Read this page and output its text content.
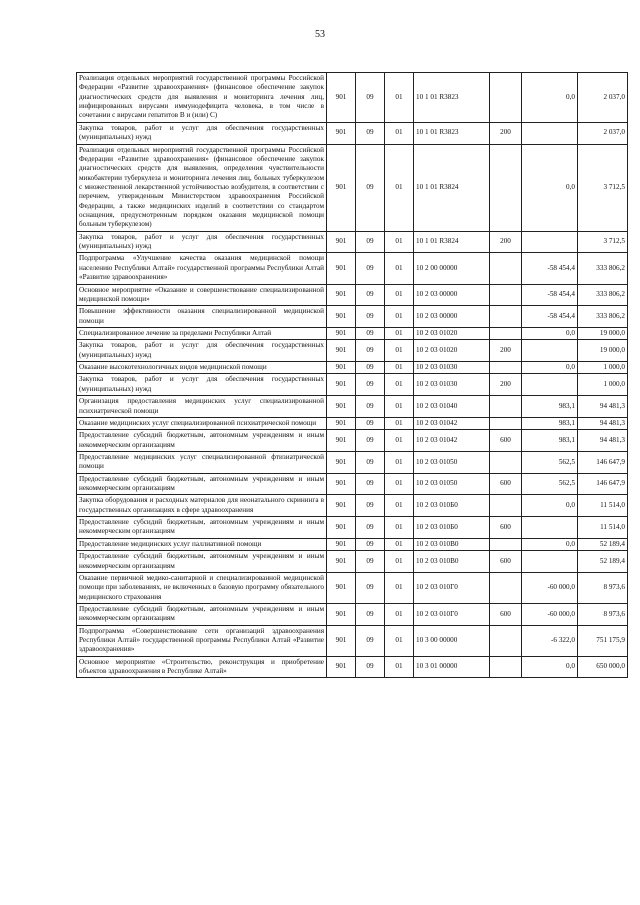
53
Реализация отдельных мероприятий государственной программы Российской Федерации «Развитие здравоохранения» (финансовое обеспечение закупок диагностических средств для выявления и мониторинга лечения лиц, инфицированных вирусами иммунодефицита человека, в том числе в сочетании с вирусами гепатитов B и (или) C)	901	09	01	10 1 01 R3823		0,0	2 037,0
Закупка товаров, работ и услуг для обеспечения государственных (муниципальных) нужд	901	09	01	10 1 01 R3823	200		2 037,0
Реализация отдельных мероприятий государственной программы Российской Федерации «Развитие здравоохранения» (финансовое обеспечение закупок диагностических средств для выявления, определения чувствительности микобактерии туберкулеза и мониторинга лечения лиц, больных туберкулезом с множественной лекарственной устойчивостью возбудителя, в соответствии с перечнем, утвержденным Министерством здравоохранения Российской Федерации, а также медицинских изделий в соответствии со стандартом оснащения, предусмотренным порядком оказания медицинской помощи больным туберкулезом)	901	09	01	10 1 01 R3824		0,0	3 712,5
Закупка товаров, работ и услуг для обеспечения государственных (муниципальных) нужд	901	09	01	10 1 01 R3824	200		3 712,5
Подпрограмма «Улучшение качества оказания медицинской помощи населению Республики Алтай» государственной программы Республики Алтай «Развитие здравоохранения»	901	09	01	10 2 00 00000		-58 454,4	333 806,2
Основное мероприятие «Оказание и совершенствование специализированной медицинской помощи»	901	09	01	10 2 03 00000		-58 454,4	333 806,2
Повышение эффективности оказания специализированной медицинской помощи	901	09	01	10 2 03 00000		-58 454,4	333 806,2
Специализированное лечение за пределами Республики Алтай	901	09	01	10 2 03 01020		0,0	19 000,0
Закупка товаров, работ и услуг для обеспечения государственных (муниципальных) нужд	901	09	01	10 2 03 01020	200		19 000,0
Оказание высокотехнологичных видов медицинской помощи	901	09	01	10 2 03 01030		0,0	1 000,0
Закупка товаров, работ и услуг для обеспечения государственных (муниципальных) нужд	901	09	01	10 2 03 01030	200		1 000,0
Организация предоставления медицинских услуг специализированной психиатрической помощи	901	09	01	10 2 03 01040		983,1	94 481,3
Оказание медицинских услуг специализированной психиатрической помощи	901	09	01	10 2 03 01042		983,1	94 481,3
Предоставление субсидий бюджетным, автономным учреждениям и иным некоммерческим организациям	901	09	01	10 2 03 01042	600	983,1	94 481,3
Предоставление медицинских услуг специализированной фтизиатрической помощи	901	09	01	10 2 03 01050		562,5	146 647,9
Предоставление субсидий бюджетным, автономным учреждениям и иным некоммерческим организациям	901	09	01	10 2 03 01050	600	562,5	146 647,9
Закупка оборудования и расходных материалов для неонатального скрининга в государственных организациях в сфере здравоохранения	901	09	01	10 2 03 010Б0		0,0	11 514,0
Предоставление субсидий бюджетным, автономным учреждениям и иным некоммерческим организациям	901	09	01	10 2 03 010Б0	600		11 514,0
Предоставление медицинских услуг паллиативной помощи	901	09	01	10 2 03 010В0		0,0	52 189,4
Предоставление субсидий бюджетным, автономным учреждениям и иным некоммерческим организациям	901	09	01	10 2 03 010В0	600		52 189,4
Оказание первичной медико-санитарной и специализированной медицинской помощи при заболеваниях, не включенных в базовую программу обязательного медицинского страхования	901	09	01	10 2 03 010Г0		-60 000,0	8 973,6
Предоставление субсидий бюджетным, автономным учреждениям и иным некоммерческим организациям	901	09	01	10 2 03 010Г0	600	-60 000,0	8 973,6
Подпрограмма «Совершенствование сети организаций здравоохранения Республики Алтай» государственной программы Республики Алтай «Развитие здравоохранения»	901	09	01	10 3 00 00000		-6 322,0	751 175,9
Основное мероприятие «Строительство, реконструкция и приобретение объектов здравоохранения в Республике Алтай»	901	09	01	10 3 01 00000		0,0	650 000,0
